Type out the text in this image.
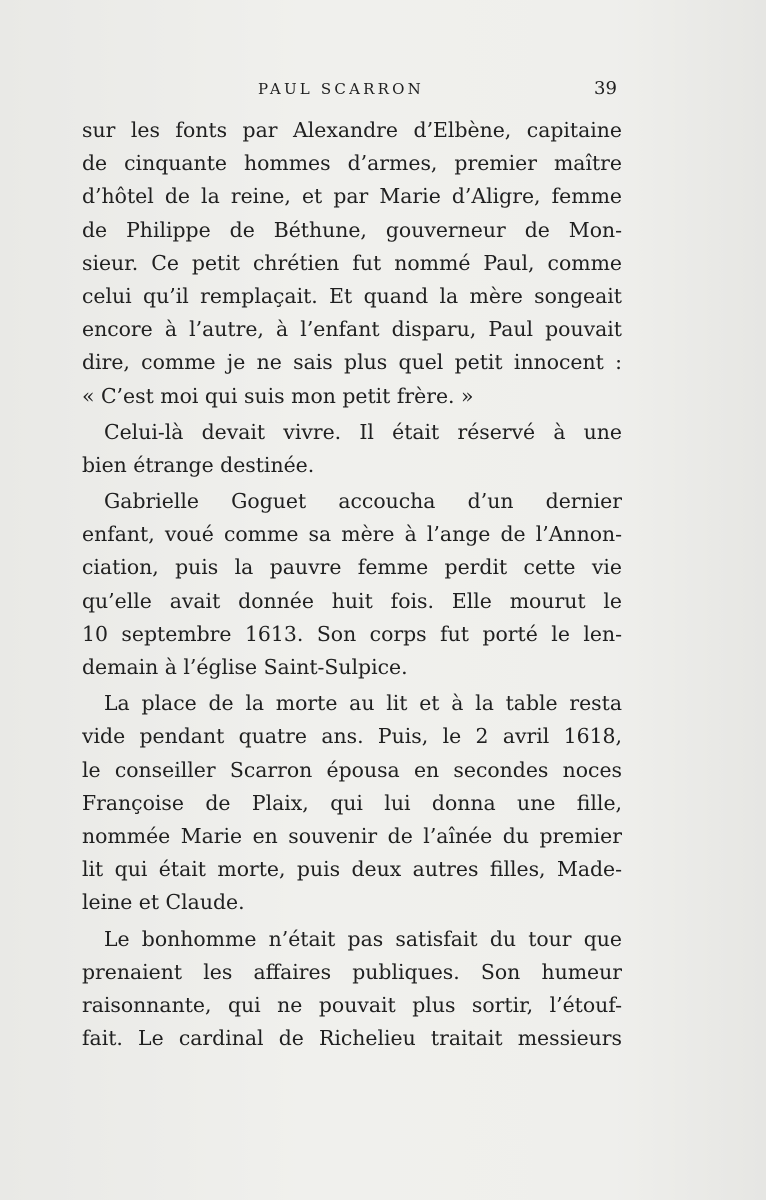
PAUL SCARRON	39
sur les fonts par Alexandre d’Elbène, capitaine
de cinquante hommes d’armes, premier maître
d’hôtel de la reine, et par Marie d’Aligre, femme
de Philippe de Béthune, gouverneur de Mon-
sieur. Ce petit chrétien fut nommé Paul, comme
celui qu’il remplaçait. Et quand la mère songeait
encore à l’autre, à l’enfant disparu, Paul pouvait
dire, comme je ne sais plus quel petit innocent :
« C’est moi qui suis mon petit frère. »
Celui-là devait vivre. Il était réservé à une
bien étrange destinée.
Gabrielle Goguet accoucha d’un dernier
enfant, voué comme sa mère à l’ange de l’Annon-
ciation, puis la pauvre femme perdit cette vie
qu’elle avait donnée huit fois. Elle mourut le
10 septembre 1613. Son corps fut porté le len-
demain à l’église Saint-Sulpice.
La place de la morte au lit et à la table resta
vide pendant quatre ans. Puis, le 2 avril 1618,
le conseiller Scarron épousa en secondes noces
Françoise de Plaix, qui lui donna une fille,
nommée Marie en souvenir de l’aînée du premier
lit qui était morte, puis deux autres filles, Made-
leine et Claude.
Le bonhomme n’était pas satisfait du tour que
prenaient les affaires publiques. Son humeur
raisonnante, qui ne pouvait plus sortir, l’étouf-
fait. Le cardinal de Richelieu traitait messieurs
